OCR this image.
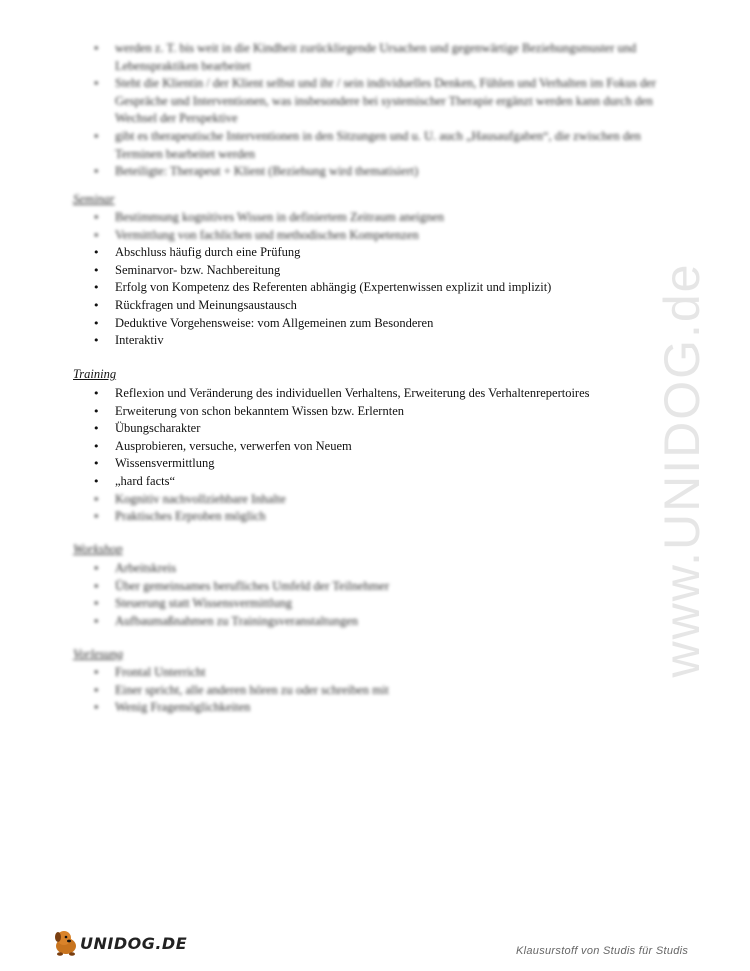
www.UNIDOG.de
• werden z. T. bis weit in die Kindheit zurückliegende Ursachen und gegenwärtige Beziehungsmuster und Lebenspraktiken bearbeitet
• Steht die Klientin / der Klient selbst und ihr / sein individuelles Denken, Fühlen und Verhalten im Fokus der Gespräche und Interventionen, was insbesondere bei systemischer Therapie ergänzt werden kann durch den Wechsel der Perspektive
• gibt es therapeutische Interventionen in den Sitzungen und u. U. auch „Hausaufgaben“, die zwischen den Terminen bearbeitet werden
• Beteiligte: Therapeut + Klient (Beziehung wird thematisiert)
Seminar
• Bestimmung kognitives Wissen in definiertem Zeitraum aneignen
• Vermittlung von fachlichen und methodischen Kompetenzen
• Abschluss häufig durch eine Prüfung
• Seminarvor- bzw. Nachbereitung
• Erfolg von Kompetenz des Referenten abhängig (Expertenwissen explizit und implizit)
• Rückfragen und Meinungsaustausch
• Deduktive Vorgehensweise: vom Allgemeinen zum Besonderen
• Interaktiv
Training
• Reflexion und Veränderung des individuellen Verhaltens, Erweiterung des Verhaltenrepertoires
• Erweiterung von schon bekanntem Wissen bzw. Erlernten
• Übungscharakter
• Ausprobieren, versuche, verwerfen von Neuem
• Wissensvermittlung
• „hard facts“
• Kognitiv nachvollziehbare Inhalte
• Praktisches Erproben möglich
Workshop
• Arbeitskreis
• Über gemeinsames berufliches Umfeld der Teilnehmer
• Steuerung statt Wissensvermittlung
• Aufbaumaßnahmen zu Trainingsveranstaltungen
Vorlesung
• Frontal Unterricht
• Einer spricht, alle anderen hören zu oder schreiben mit
• Wenig Fragemöglichkeiten
UNIDOG.DE	Klausurstoff von Studis für Studis
